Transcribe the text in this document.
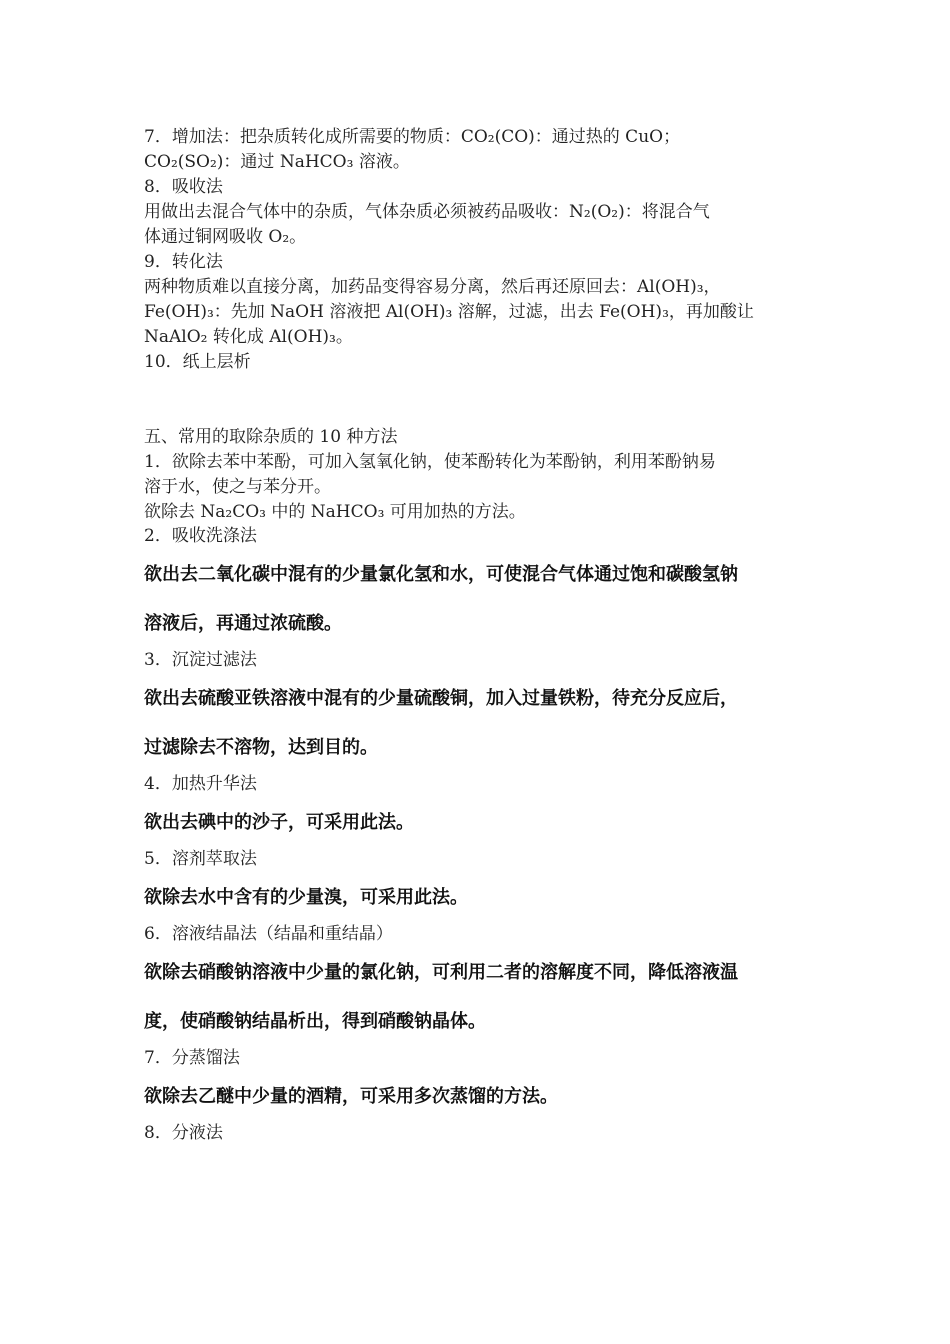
7．增加法：把杂质转化成所需要的物质：CO₂(CO)：通过热的 CuO；
CO₂(SO₂)：通过 NaHCO₃ 溶液。
8．吸收法
用做出去混合气体中的杂质，气体杂质必须被药品吸收：N₂(O₂)：将混合气
体通过铜网吸收 O₂。
9．转化法
两种物质难以直接分离，加药品变得容易分离，然后再还原回去：Al(OH)₃，
Fe(OH)₃：先加 NaOH 溶液把 Al(OH)₃ 溶解，过滤，出去 Fe(OH)₃，再加酸让
NaAlO₂ 转化成 Al(OH)₃。
10．纸上层析
五、常用的取除杂质的 10 种方法
1．欲除去苯中苯酚，可加入氢氧化钠，使苯酚转化为苯酚钠，利用苯酚钠易
溶于水，使之与苯分开。
欲除去 Na₂CO₃ 中的 NaHCO₃ 可用加热的方法。
2．吸收洗涤法
欲出去二氧化碳中混有的少量氯化氢和水，可使混合气体通过饱和碳酸氢钠
溶液后，再通过浓硫酸。
3．沉淀过滤法
欲出去硫酸亚铁溶液中混有的少量硫酸铜，加入过量铁粉，待充分反应后，
过滤除去不溶物，达到目的。
4．加热升华法
欲出去碘中的沙子，可采用此法。
5．溶剂萃取法
欲除去水中含有的少量溴，可采用此法。
6．溶液结晶法（结晶和重结晶）
欲除去硝酸钠溶液中少量的氯化钠，可利用二者的溶解度不同，降低溶液温
度，使硝酸钠结晶析出，得到硝酸钠晶体。
7．分蒸馏法
欲除去乙醚中少量的酒精，可采用多次蒸馏的方法。
8．分液法
